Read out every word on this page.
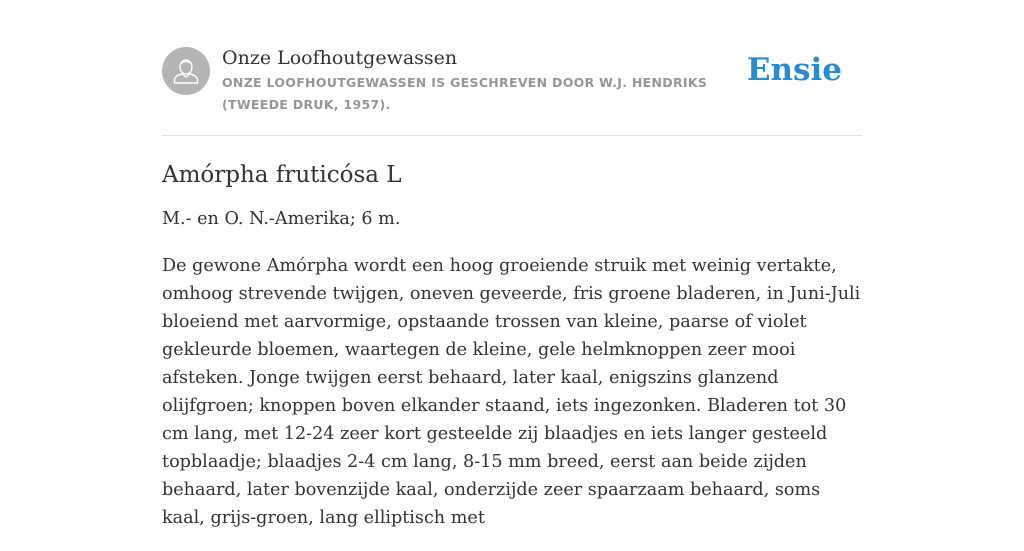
Onze Loofhoutgewassen

ONZE LOOFHOUTGEWASSEN IS GESCHREVEN DOOR W.J. HENDRIKS (TWEEDE DRUK, 1957).

Ensie
Amórpha fruticósa L

M.- en O. N.-Amerika; 6 m.

De gewone Amórpha wordt een hoog groeiende struik met weinig vertakte, omhoog strevende twijgen, oneven geveerde, fris groene bladeren, in Juni-Juli bloeiend met aarvormige, opstaande trossen van kleine, paarse of violet gekleurde bloemen, waartegen de kleine, gele helmknoppen zeer mooi afsteken. Jonge twijgen eerst behaard, later kaal, enigszins glanzend olijfgroen; knoppen boven elkander staand, iets ingezonken. Bladeren tot 30 cm lang, met 12-24 zeer kort gesteelde zij blaadjes en iets langer gesteeld topblaadje; blaadjes 2-4 cm lang, 8-15 mm breed, eerst aan beide zijden behaard, later bovenzijde kaal, onderzijde zeer spaarzaam behaard, soms kaal, grijs-groen, lang elliptisch met
